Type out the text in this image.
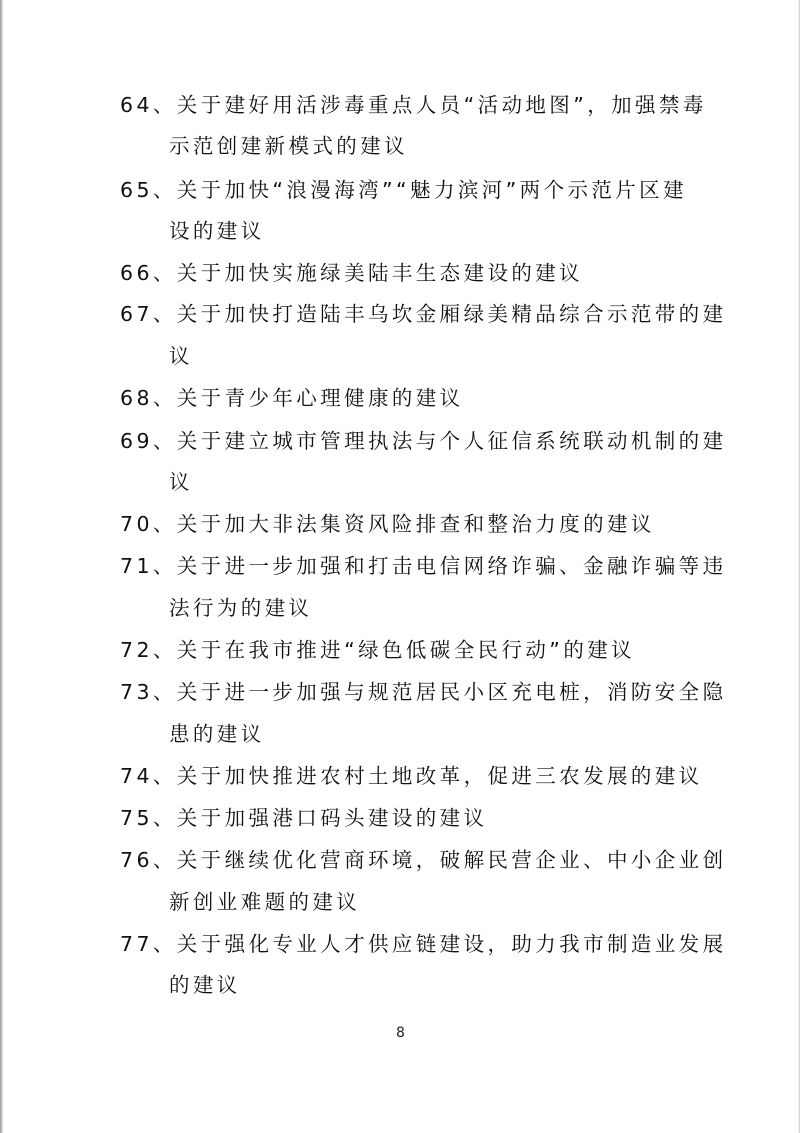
64、关于建好用活涉毒重点人员“活动地图”，加强禁毒
示范创建新模式的建议
65、关于加快“浪漫海湾”“魅力滨河”两个示范片区建
设的建议
66、关于加快实施绿美陆丰生态建设的建议
67、关于加快打造陆丰乌坎金厢绿美精品综合示范带的建
议
68、关于青少年心理健康的建议
69、关于建立城市管理执法与个人征信系统联动机制的建
议
70、关于加大非法集资风险排查和整治力度的建议
71、关于进一步加强和打击电信网络诈骗、金融诈骗等违
法行为的建议
72、关于在我市推进“绿色低碳全民行动”的建议
73、关于进一步加强与规范居民小区充电桩，消防安全隐
患的建议
74、关于加快推进农村土地改革，促进三农发展的建议
75、关于加强港口码头建设的建议
76、关于继续优化营商环境，破解民营企业、中小企业创
新创业难题的建议
77、关于强化专业人才供应链建设，助力我市制造业发展
的建议
8
